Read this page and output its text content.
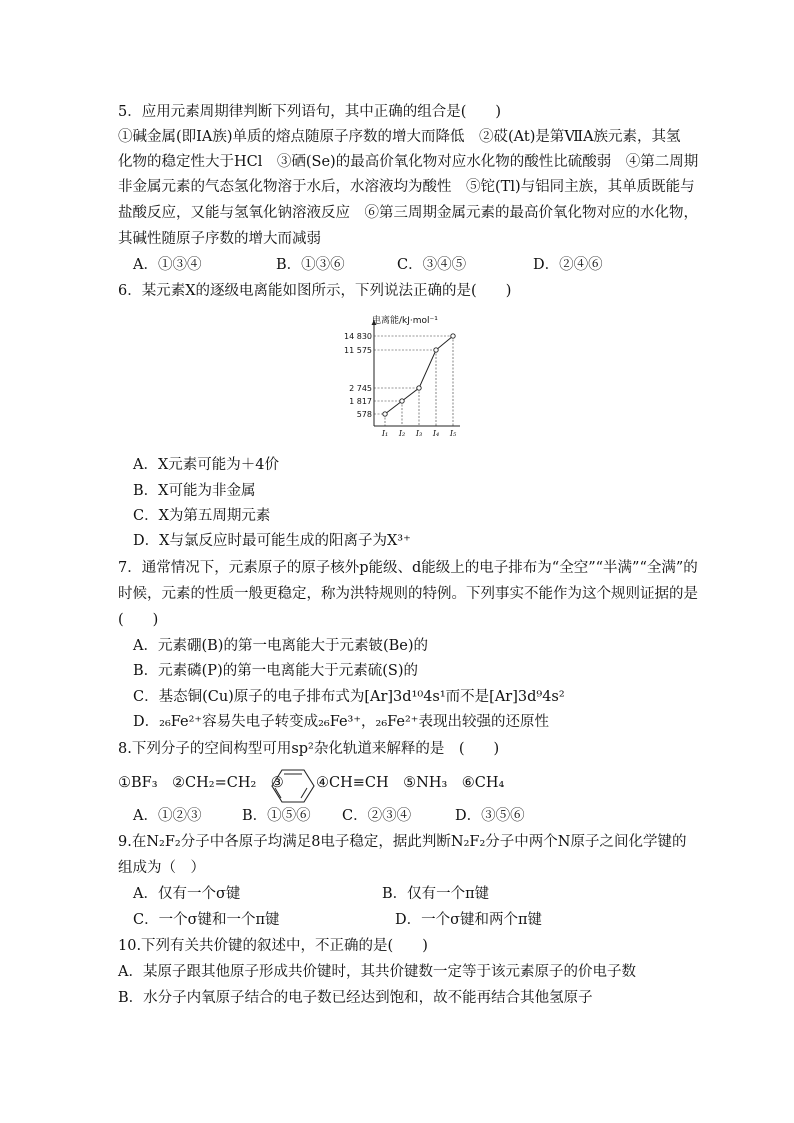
5．应用元素周期律判断下列语句，其中正确的组合是(　　)
①碱金属(即ⅠA族)单质的熔点随原子序数的增大而降低　②砹(At)是第ⅦA族元素，其氢
化物的稳定性大于HCl　③硒(Se)的最高价氧化物对应水化物的酸性比硫酸弱　④第二周期
非金属元素的气态氢化物溶于水后，水溶液均为酸性　⑤铊(Tl)与铝同主族，其单质既能与
盐酸反应，又能与氢氧化钠溶液反应　⑥第三周期金属元素的最高价氧化物对应的水化物，
其碱性随原子序数的增大而减弱
A．①③④	B．①③⑥	C．③④⑤	D．②④⑥
6．某元素X的逐级电离能如图所示，下列说法正确的是(　　)
578
1 817
2 745
11 575
14 830
I₁ I₂ I₃ I₄ I₅
电离能/kJ·mol⁻¹
A．X元素可能为＋4价
B．X可能为非金属
C．X为第五周期元素
D．X与氯反应时最可能生成的阳离子为X³⁺
7．通常情况下，元素原子的原子核外p能级、d能级上的电子排布为“全空”“半满”“全满”的
时候，元素的性质一般更稳定，称为洪特规则的特例。下列事实不能作为这个规则证据的是
(　　)
A．元素硼(B)的第一电离能大于元素铍(Be)的
B．元素磷(P)的第一电离能大于元素硫(S)的
C．基态铜(Cu)原子的电子排布式为[Ar]3d¹⁰4s¹而不是[Ar]3d⁹4s²
D．₂₆Fe²⁺容易失电子转变成₂₆Fe³⁺，₂₆Fe²⁺表现出较强的还原性
8.下列分子的空间构型可用sp²杂化轨道来解释的是　(　　)
①BF₃　②CH₂=CH₂　③ ④CH≡CH　⑤NH₃　⑥CH₄
A．①②③	B．①⑤⑥ C．②③④	D．③⑤⑥
9.在N₂F₂分子中各原子均满足8电子稳定，据此判断N₂F₂分子中两个N原子之间化学键的
组成为（　）
A．仅有一个σ键	B．仅有一个π键
C．一个σ键和一个π键	D．一个σ键和两个π键
10.下列有关共价键的叙述中，不正确的是(　　)
A．某原子跟其他原子形成共价键时，其共价键数一定等于该元素原子的价电子数
B．水分子内氧原子结合的电子数已经达到饱和，故不能再结合其他氢原子
